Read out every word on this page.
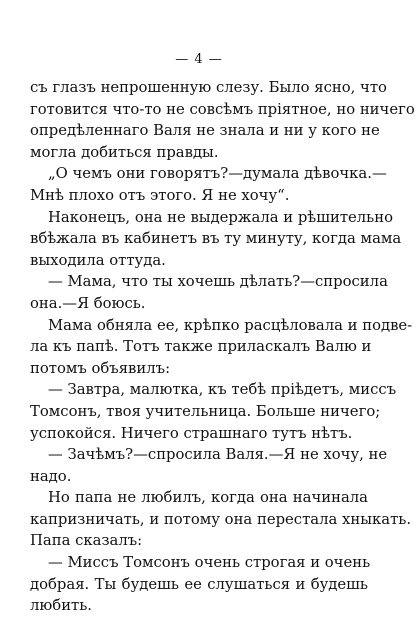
— 4 —
съ глазъ непрошенную слезу. Было ясно, что
готовится что-то не совсѣмъ пріятное, но ничего
опредѣленнаго Валя не знала и ни у кого не
могла добиться правды.
„О чемъ они говорятъ?—думала дѣвочка.—
Мнѣ плохо отъ этого. Я не хочу“.
Наконецъ, она не выдержала и рѣшительно
вбѣжала въ кабинетъ въ ту минуту, когда мама
выходила оттуда.
— Мама, что ты хочешь дѣлать?—спросила
она.—Я боюсь.
Мама обняла ее, крѣпко расцѣловала и подве-
ла къ папѣ. Тотъ также приласкалъ Валю и
потомъ объявилъ:
— Завтра, малютка, къ тебѣ пріѣдетъ, миссъ
Томсонъ, твоя учительница. Больше ничего;
успокойся. Ничего страшнаго тутъ нѣтъ.
— Зачѣмъ?—спросила Валя.—Я не хочу, не
надо.
Но папа не любилъ, когда она начинала
капризничать, и потому она перестала хныкать.
Папа сказалъ:
— Миссъ Томсонъ очень строгая и очень
добрая. Ты будешь ее слушаться и будешь
любить.
